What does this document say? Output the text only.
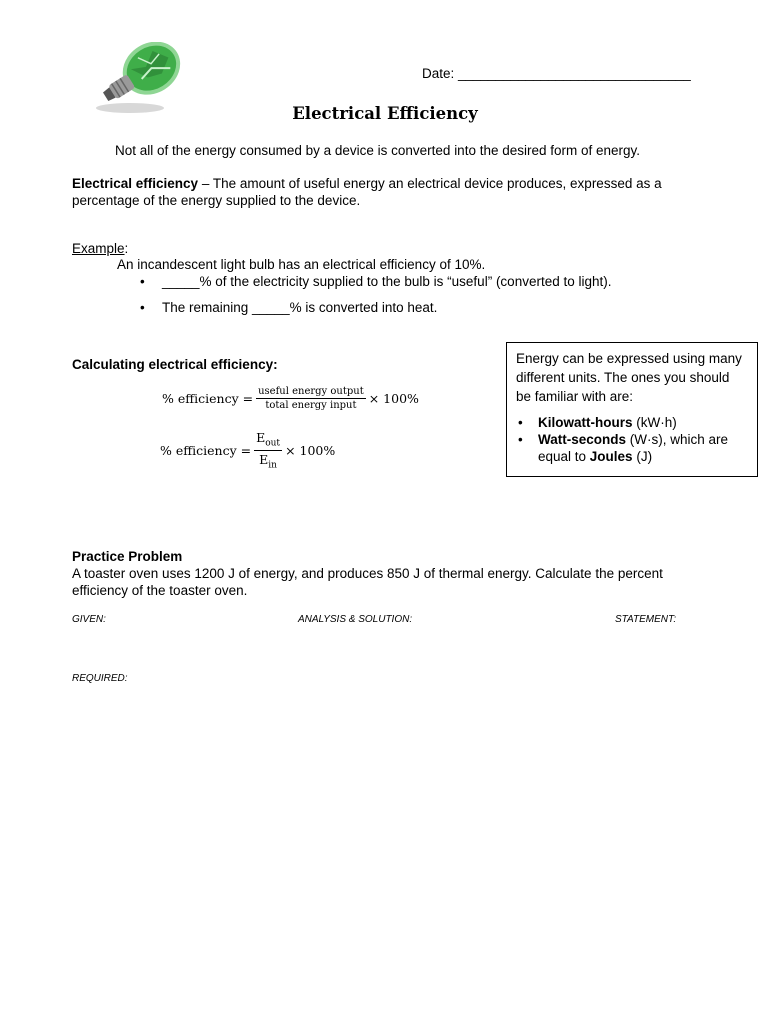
Date: _______________________________
Electrical Efficiency
Not all of the energy consumed by a device is converted into the desired form of energy.
Electrical efficiency – The amount of useful energy an electrical device produces, expressed as a percentage of the energy supplied to the device.
Example:
An incandescent light bulb has an electrical efficiency of 10%.
• _____% of the electricity supplied to the bulb is “useful” (converted to light).
• The remaining _____% is converted into heat.
Calculating electrical efficiency:
% efficiency = $\frac{\text{useful energy output}}{\text{total energy input}} \times 100\%$
% efficiency = $\frac{E_{out}}{E_{in}} \times 100\%$
Energy can be expressed using many different units. The ones you should be familiar with are:
• Kilowatt-hours (kW·h)
• Watt-seconds (W·s), which are equal to Joules (J)
Practice Problem
A toaster oven uses 1200 J of energy, and produces 850 J of thermal energy. Calculate the percent efficiency of the toaster oven.
GIVEN:	ANALYSIS & SOLUTION:	STATEMENT:
REQUIRED:
